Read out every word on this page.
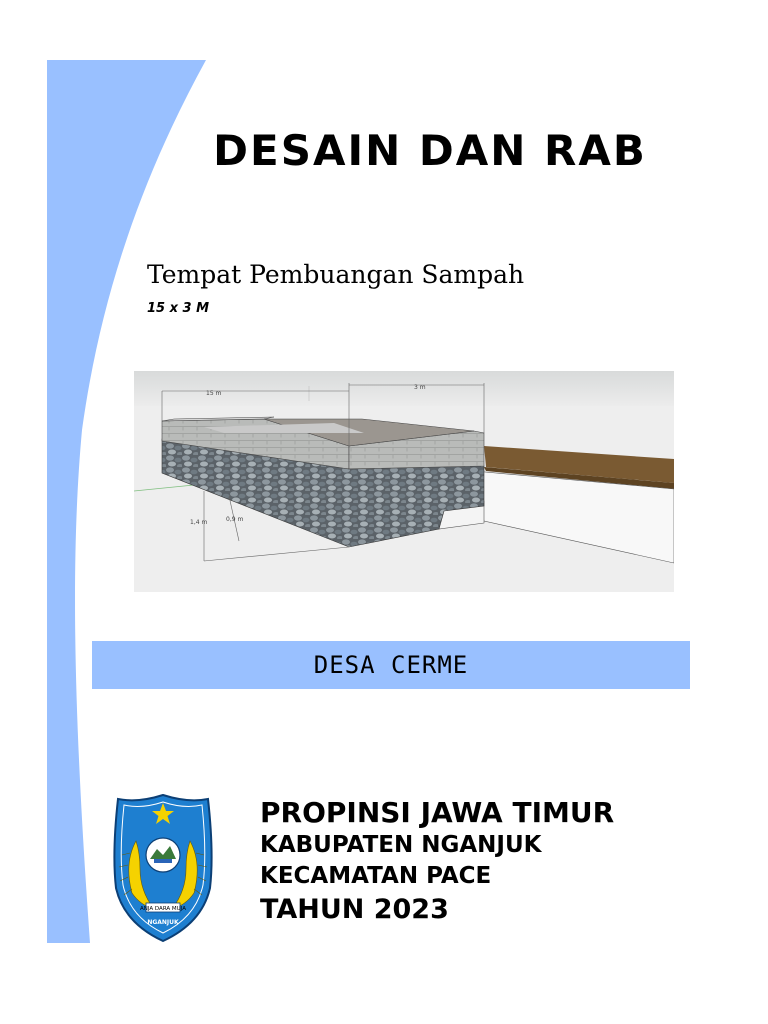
DESAIN DAN RAB
Tempat Pembuangan Sampah
15 x 3 M
15 m
3 m
1,4 m	0,9 m
DESA CERME
ANJA DARA MUJA
NGANJUK
PROPINSI JAWA TIMUR
KABUPATEN NGANJUK
KECAMATAN PACE
TAHUN 2023
